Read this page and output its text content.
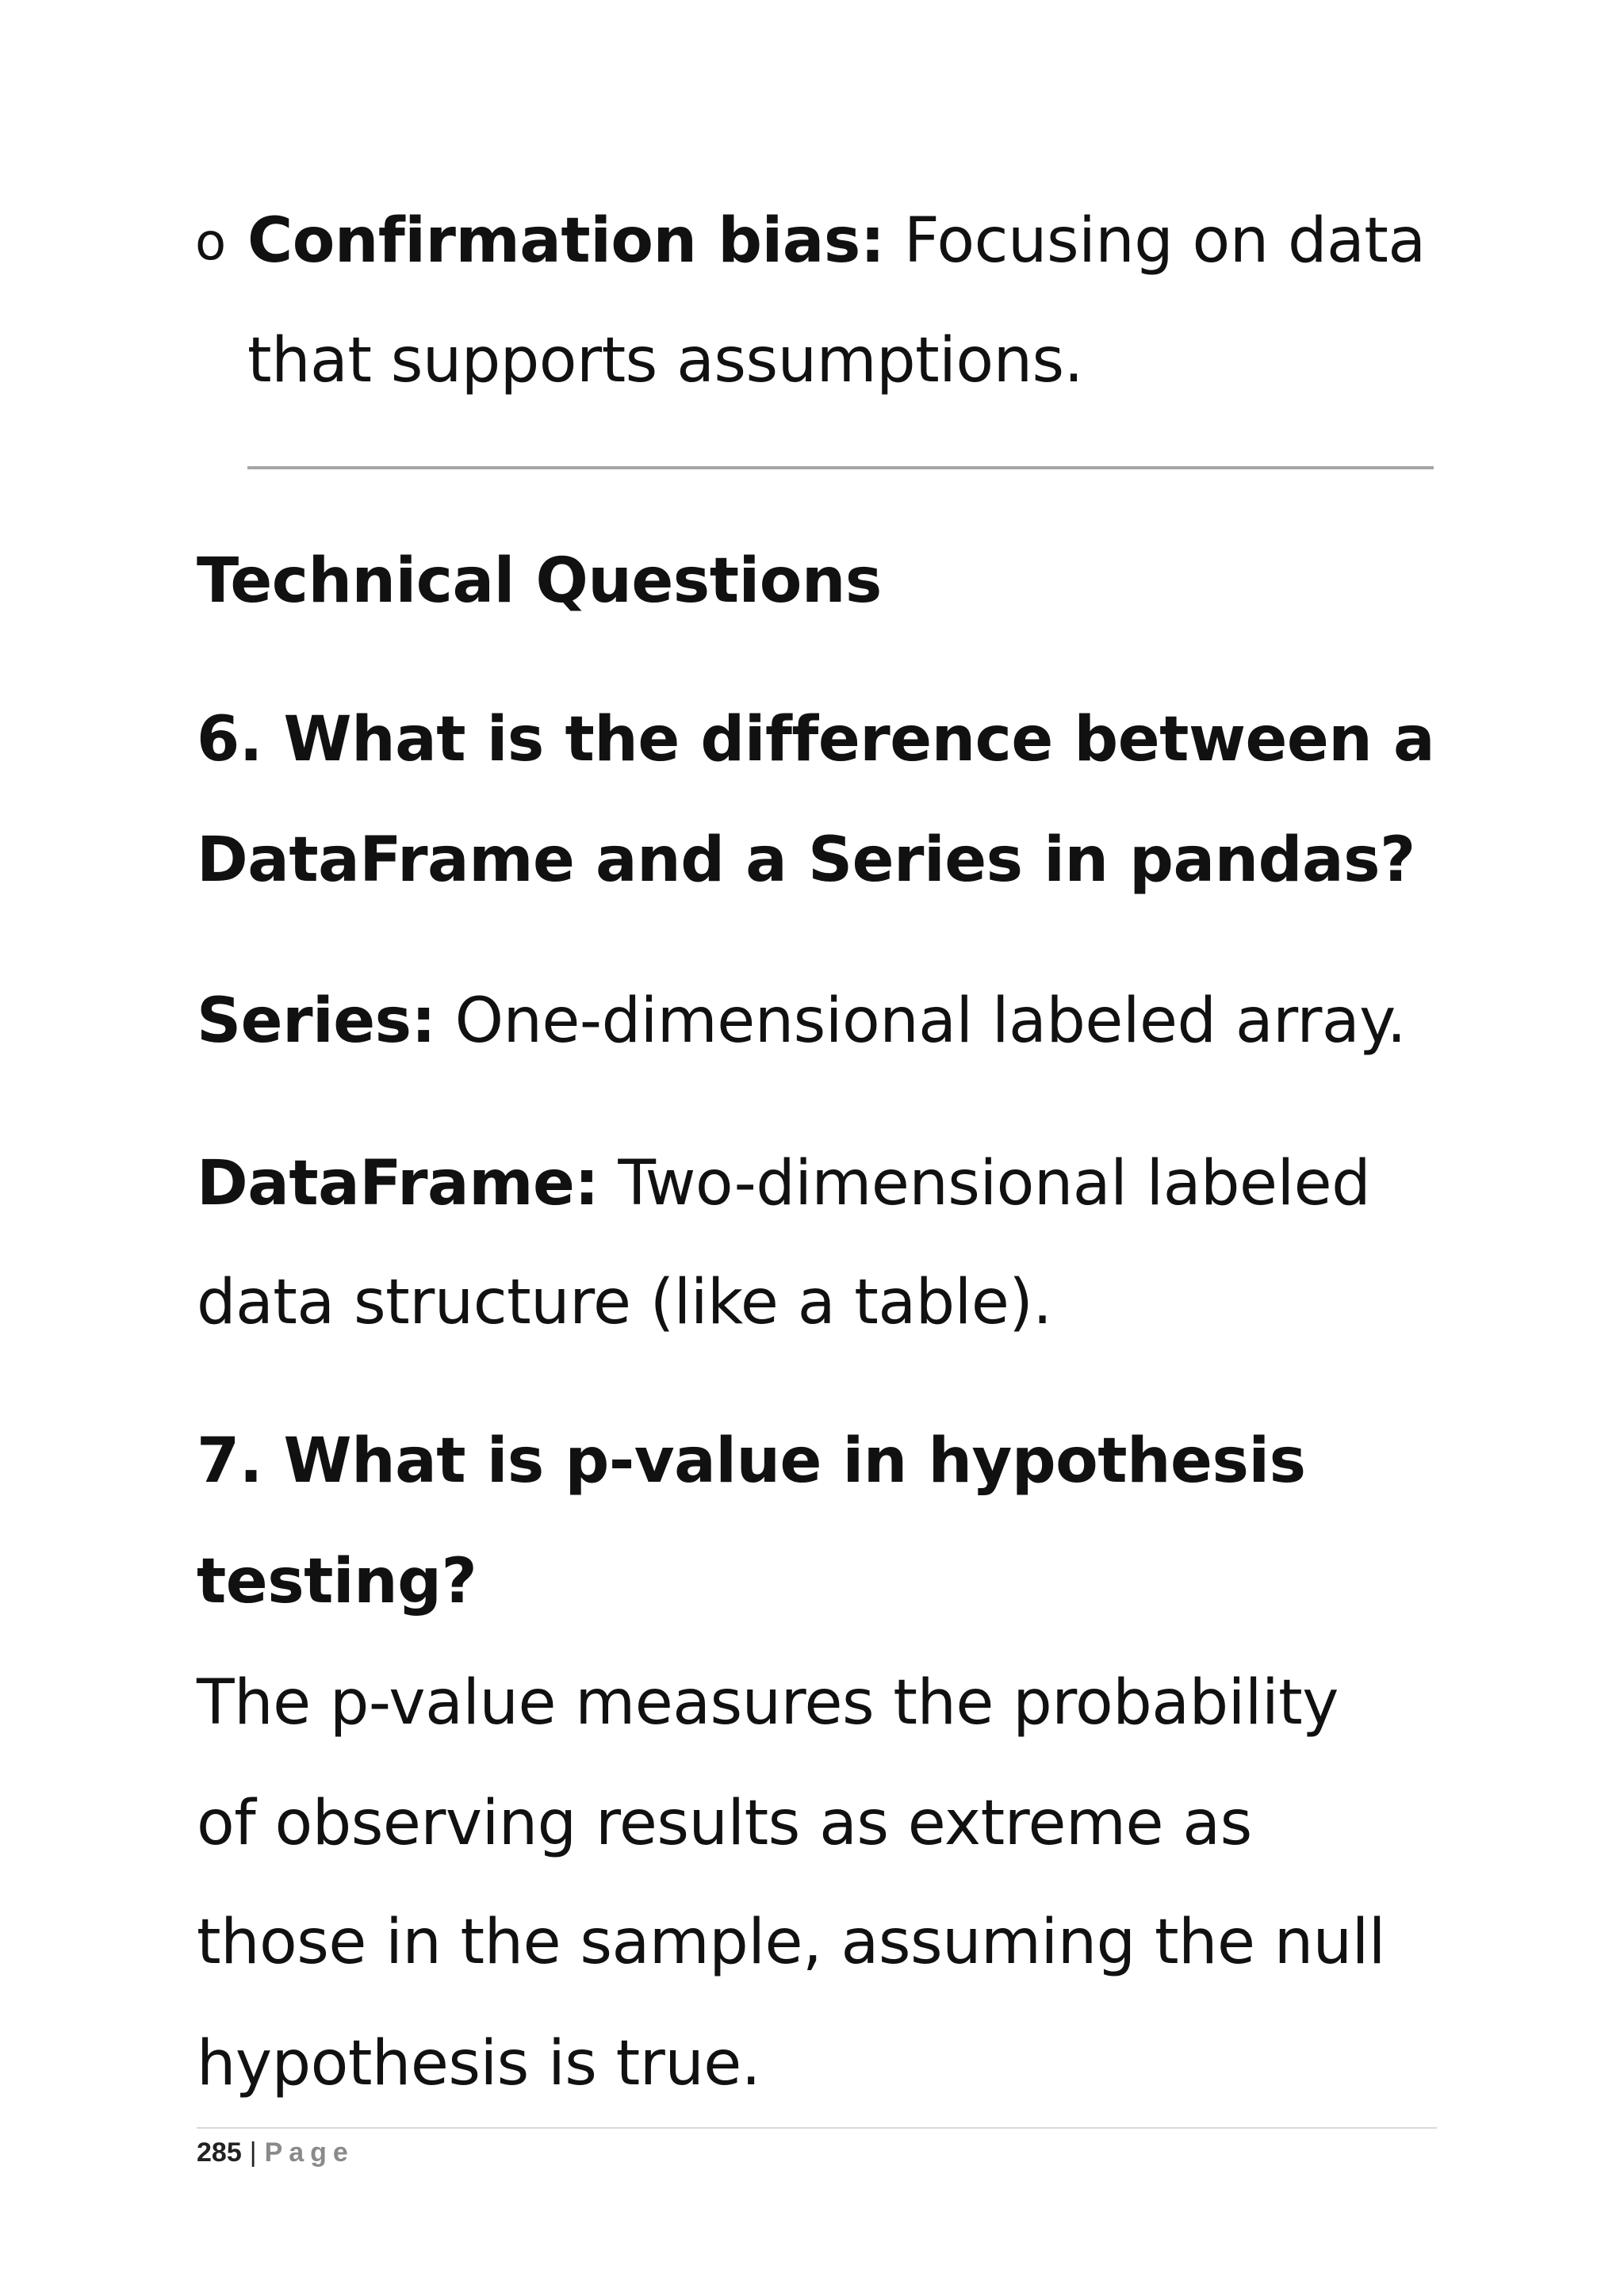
o Confirmation bias: Focusing on data
that supports assumptions.
Technical Questions
6. What is the difference between a
DataFrame and a Series in pandas?
Series: One-dimensional labeled array.
DataFrame: Two-dimensional labeled
data structure (like a table).
7. What is p-value in hypothesis
testing?
The p-value measures the probability
of observing results as extreme as
those in the sample, assuming the null
hypothesis is true.
285 | Page
